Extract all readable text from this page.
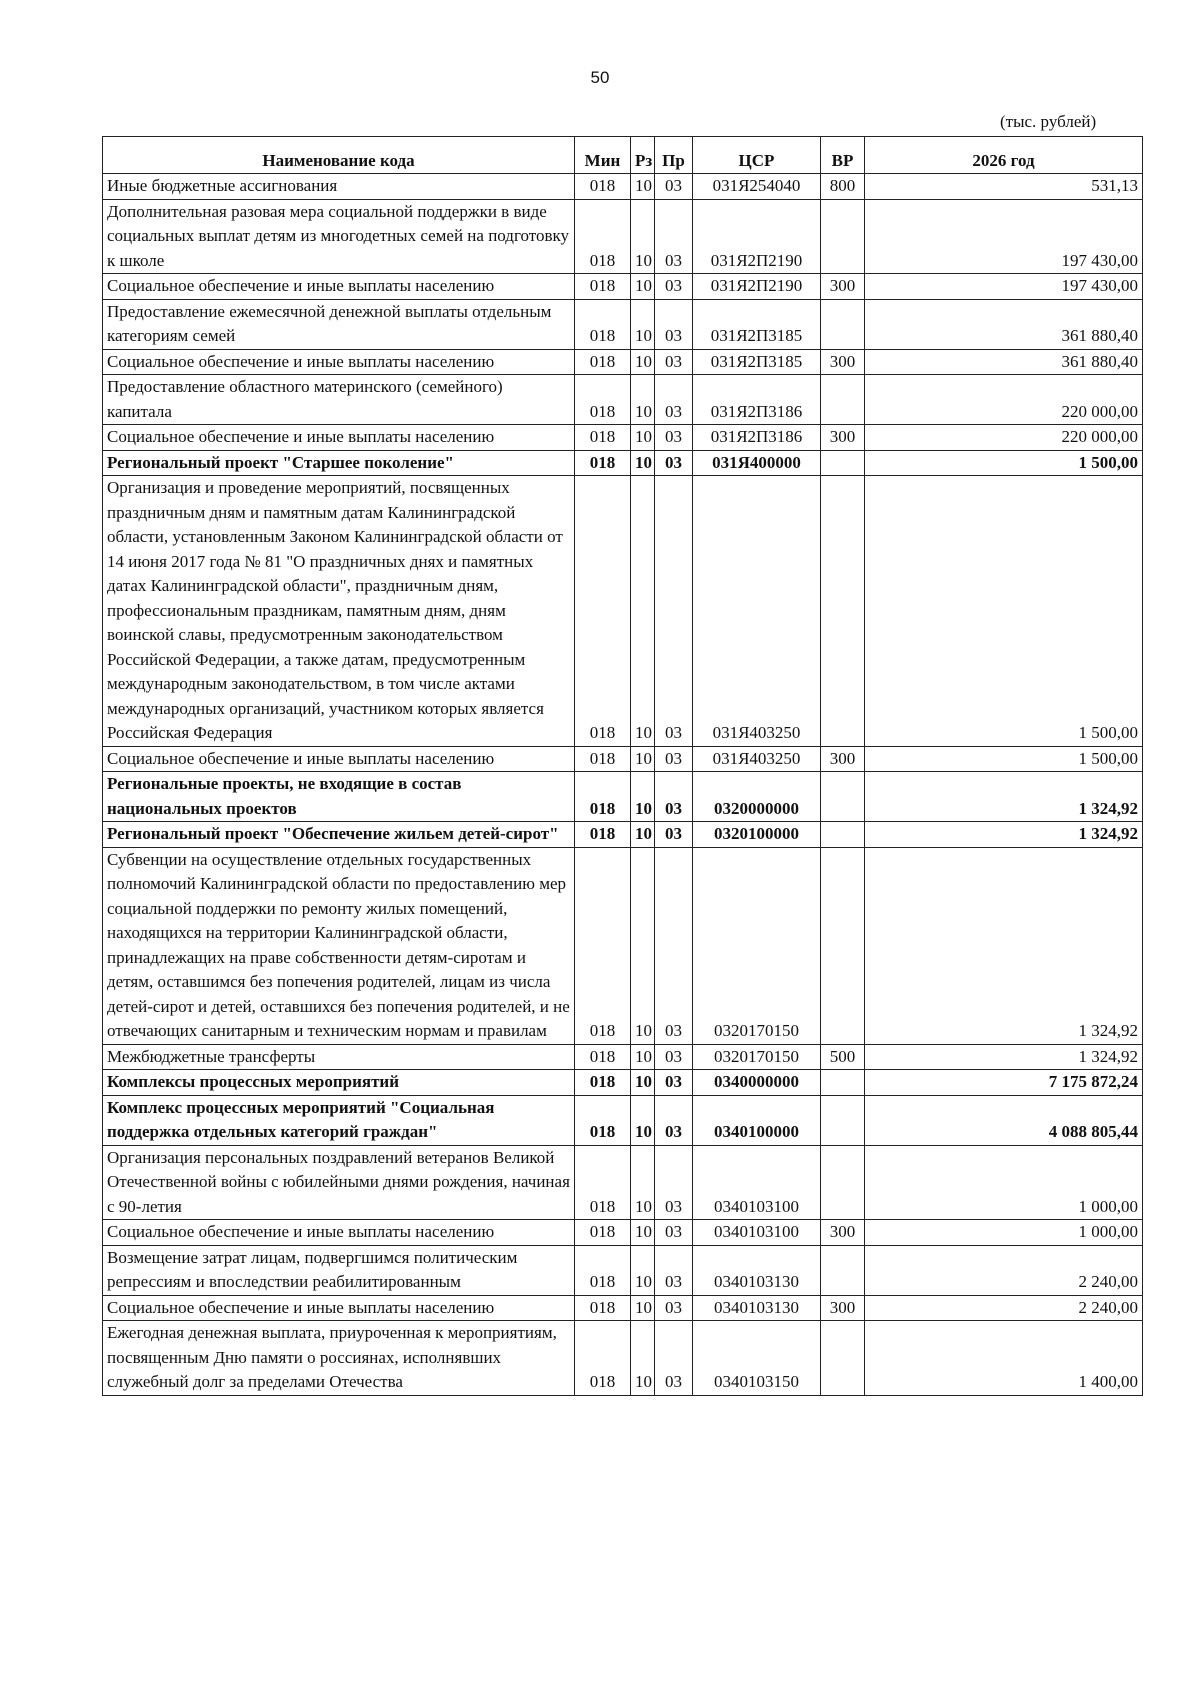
50
(тыс. рублей)
Наименование кода	Мин	Рз	Пр	ЦСР	ВР	2026 год
Иные бюджетные ассигнования	018	10	03	031Я254040	800	531,13
Дополнительная разовая мера социальной поддержки в виде социальных выплат детям из многодетных семей на подготовку к школе	018	10	03	031Я2П2190		197 430,00
Социальное обеспечение и иные выплаты населению	018	10	03	031Я2П2190	300	197 430,00
Предоставление ежемесячной денежной выплаты отдельным категориям семей	018	10	03	031Я2П3185		361 880,40
Социальное обеспечение и иные выплаты населению	018	10	03	031Я2П3185	300	361 880,40
Предоставление областного материнского (семейного) капитала	018	10	03	031Я2П3186		220 000,00
Социальное обеспечение и иные выплаты населению	018	10	03	031Я2П3186	300	220 000,00
Региональный проект "Старшее поколение"	018	10	03	031Я400000		1 500,00
Организация и проведение мероприятий, посвященных праздничным дням и памятным датам Калининградской области, установленным Законом Калининградской области от 14 июня 2017 года № 81 "О праздничных днях и памятных датах Калининградской области", праздничным дням, профессиональным праздникам, памятным дням, дням воинской славы, предусмотренным законодательством Российской Федерации, а также датам, предусмотренным международным законодательством, в том числе актами международных организаций, участником которых является Российская Федерация	018	10	03	031Я403250		1 500,00
Социальное обеспечение и иные выплаты населению	018	10	03	031Я403250	300	1 500,00
Региональные проекты, не входящие в состав национальных проектов	018	10	03	0320000000		1 324,92
Региональный проект "Обеспечение жильем детей-сирот"	018	10	03	0320100000		1 324,92
Субвенции на осуществление отдельных государственных полномочий Калининградской области по предоставлению мер социальной поддержки по ремонту жилых помещений, находящихся на территории Калининградской области, принадлежащих на праве собственности детям-сиротам и детям, оставшимся без попечения родителей, лицам из числа детей-сирот и детей, оставшихся без попечения родителей, и не отвечающих санитарным и техническим нормам и правилам	018	10	03	0320170150		1 324,92
Межбюджетные трансферты	018	10	03	0320170150	500	1 324,92
Комплексы процессных мероприятий	018	10	03	0340000000		7 175 872,24
Комплекс процессных мероприятий "Социальная поддержка отдельных категорий граждан"	018	10	03	0340100000		4 088 805,44
Организация персональных поздравлений ветеранов Великой Отечественной войны с юбилейными днями рождения, начиная с 90-летия	018	10	03	0340103100		1 000,00
Социальное обеспечение и иные выплаты населению	018	10	03	0340103100	300	1 000,00
Возмещение затрат лицам, подвергшимся политическим репрессиям и впоследствии реабилитированным	018	10	03	0340103130		2 240,00
Социальное обеспечение и иные выплаты населению	018	10	03	0340103130	300	2 240,00
Ежегодная денежная выплата, приуроченная к мероприятиям, посвященным Дню памяти о россиянах, исполнявших служебный долг за пределами Отечества	018	10	03	0340103150		1 400,00
